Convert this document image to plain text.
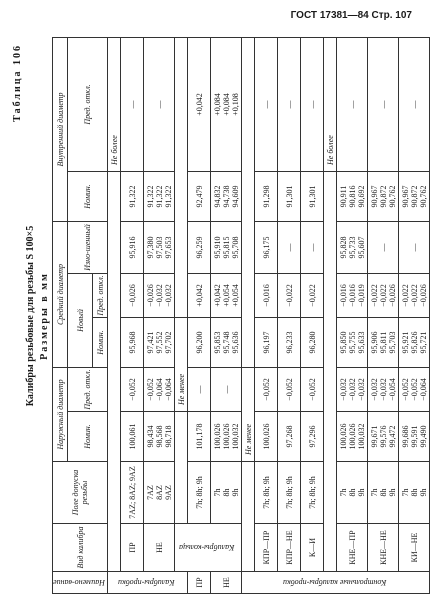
ГОСТ 17381—84 Стр. 107
Таблица 106
Калибры резьбовые для резьбы S 100×5 Размеры в мм
Наимено-вание	Вид калибра	Поле допуска резьбы	Наружный диаметр		Средний диаметр			Внутренний диаметр	
			Номин.	Пред. откл.	Новый		Изно-шенный	Номин.	Пред. откл.
					Номин.	Пред. откл.			
Калибры-пробки									Не более
	ПР	7AZ; 8AZ; 9AZ	100,061	−0,052	95,968	−0,026	95,916	91,322	—

	НЕ	7AZ 8AZ 9AZ	98,434 98,568 98,718	−0,052 −0,064 −0,064	97,421 97,552 97,702	−0,026 −0,032 −0,032	97,380 97,503 97,653	91,322 91,322 91,322	—

	Калибры-кольца			Не менее					
ПР		7h; 8h; 9h	101,178	—	96,200	+0,042	96,259	92,479	+0,042

НЕ		7h 8h 9h	100,026 100,026 100,032	—	95,853 95,748 95,636	+0,042 +0,054 +0,054	95,910 95,815 95,708	94,832 94,738 94,609	+0,084 +0,084 +0,108

Контрольные калибры-пробки			Не менее						
	КПР—ПР	7h; 8h; 9h	100,026	−0,052	96,197	−0,016	96,175	91,298	—

	КПР—НЕ	7h; 8h; 9h	97,268	−0,052	96,233	−0,022	—	91,301	—

	К—И	7h; 8h; 9h	97,296	−0,052	96,280	−0,022	—	91,301	—

									Не более
	КНЕ—ПР	7h 8h 9h	100,026 100,026 100,032	−0,032 −0,032 −0,032	95,850 95,755 95,633	−0,016 −0,016 −0,019	95,828 95,733 95,607	90,911 90,816 90,692	—

	КНЕ—НЕ	7h 8h 9h	99,671 99,576 99,472	−0,032 −0,032 −0,054	95,906 95,811 95,703	−0,022 −0,022 −0,026	—	90,967 90,872 90,762	—

	КИ—НЕ	7h 8h 9h	99,686 99,591 99,490	−0,052 −0,052 −0,064	95,921 95,826 95,721	−0,022 −0,022 −0,026	—	90,967 90,872 90,762	—
